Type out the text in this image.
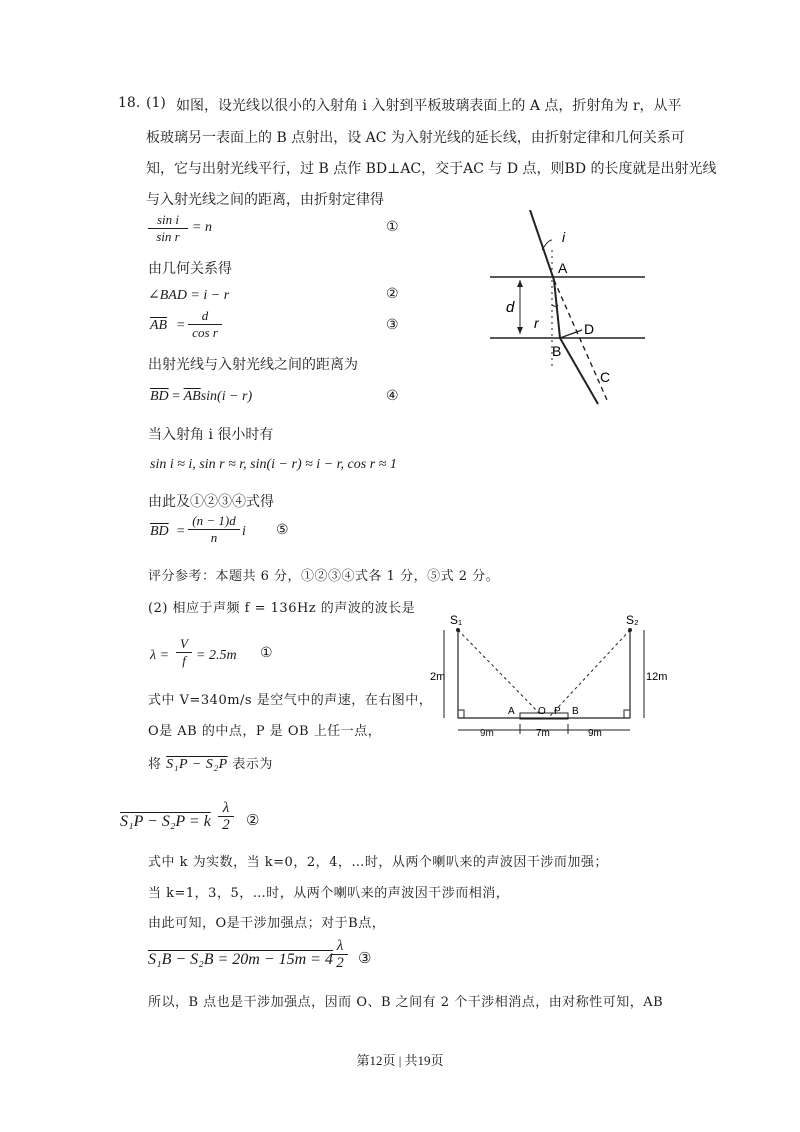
18. (1) 如图，设光线以很小的入射角 i 入射到平板玻璃表面上的 A 点，折射角为 r，从平
板玻璃另一表面上的 B 点射出，设 AC 为入射光线的延长线，由折射定律和几何关系可
知，它与出射光线平行，过 B 点作 BD⊥AC，交于AC 与 D 点，则BD 的长度就是出射光线
与入射光线之间的距离，由折射定律得
$\frac{\text{sin i}}{\text{sin r}} = n$	①
由几何关系得
∠BAD = i − r	②
$\overline{AB} = \frac{d}{\text{cos r}}$	③
出射光线与入射光线之间的距离为
$\overline{BD} = \overline{AB}\sin(i - r)$	④
当入射角 i 很小时有
sin i ≈ i, sin r ≈ r, sin(i − r) ≈ i − r, cos r ≈ 1
由此及①②③④式得
$\overline{BD} = \frac{(n - 1)d}{n}$ i ⑤
评分参考：本题共 6 分，①②③④式各 1 分，⑤式 2 分。
(2) 相应于声频 f = 136Hz 的声波的波长是
$\lambda = \frac{V}{f} = 2.5m$ ①
式中 V=340m/s 是空气中的声速，在右图中，
O是 AB 的中点，P 是 OB 上任一点，
将 S₁P − S₂P 表示为
S₁P − S₂P = k $\frac{\lambda}{2}$ ②
式中 k 为实数，当 k=0，2，4，…时，从两个喇叭来的声波因干涉而加强；
当 k=1，3，5，…时，从两个喇叭来的声波因干涉而相消，
由此可知，O是干涉加强点；对于B点，
$S_1B - S_2B = 20m - 15m = 4 \frac{\lambda}{2}$ ③
所以，B 点也是干涉加强点，因而 O、B 之间有 2 个干涉相消点，由对称性可知，AB
第12页 | 共19页
i
A
d
r	D
B
C
S₁	S₂
2m	12m
A O P B
9m	7m	9m
